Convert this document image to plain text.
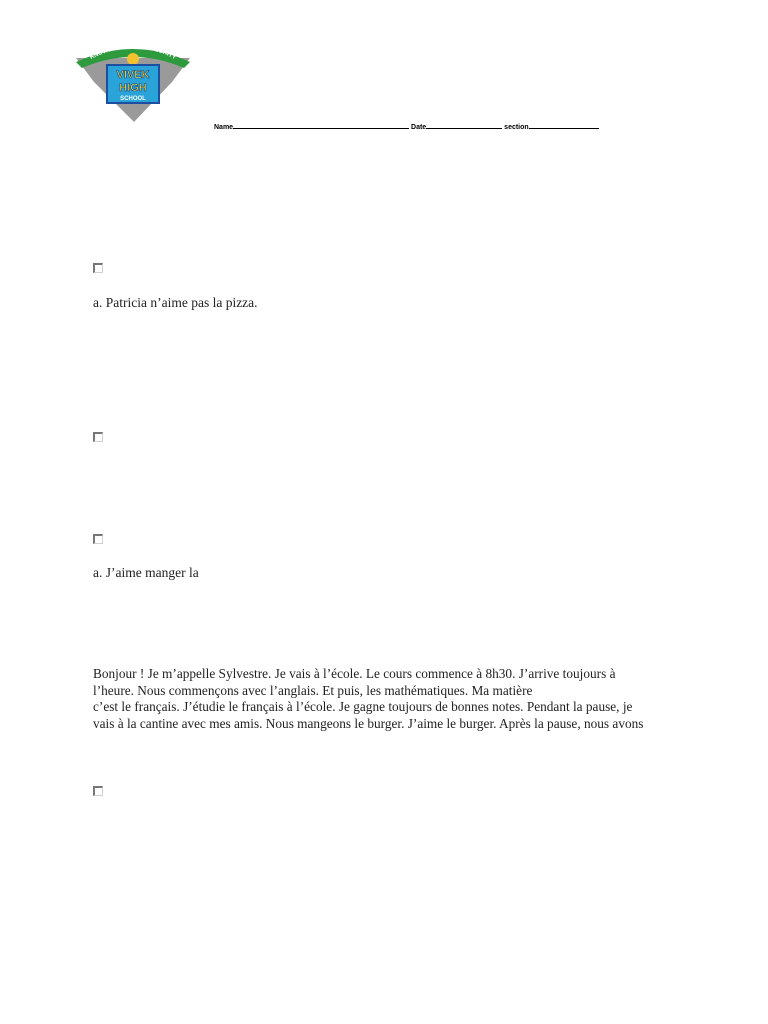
KNOWLEDGE AND INTEGRITY
VIVEK
HIGH
SCHOOL
Name	Date	section
a. Patricia n’aime pas la pizza.
a. J’aime manger la
Bonjour ! Je m’appelle Sylvestre. Je vais à l’école. Le cours commence à 8h30. J’arrive toujours à
l’heure. Nous commençons avec l’anglais. Et puis, les mathématiques. Ma matière
c’est le français. J’étudie le français à l’école. Je gagne toujours de bonnes notes. Pendant la pause, je
vais à la cantine avec mes amis. Nous mangeons le burger. J’aime le burger. Après la pause, nous avons
